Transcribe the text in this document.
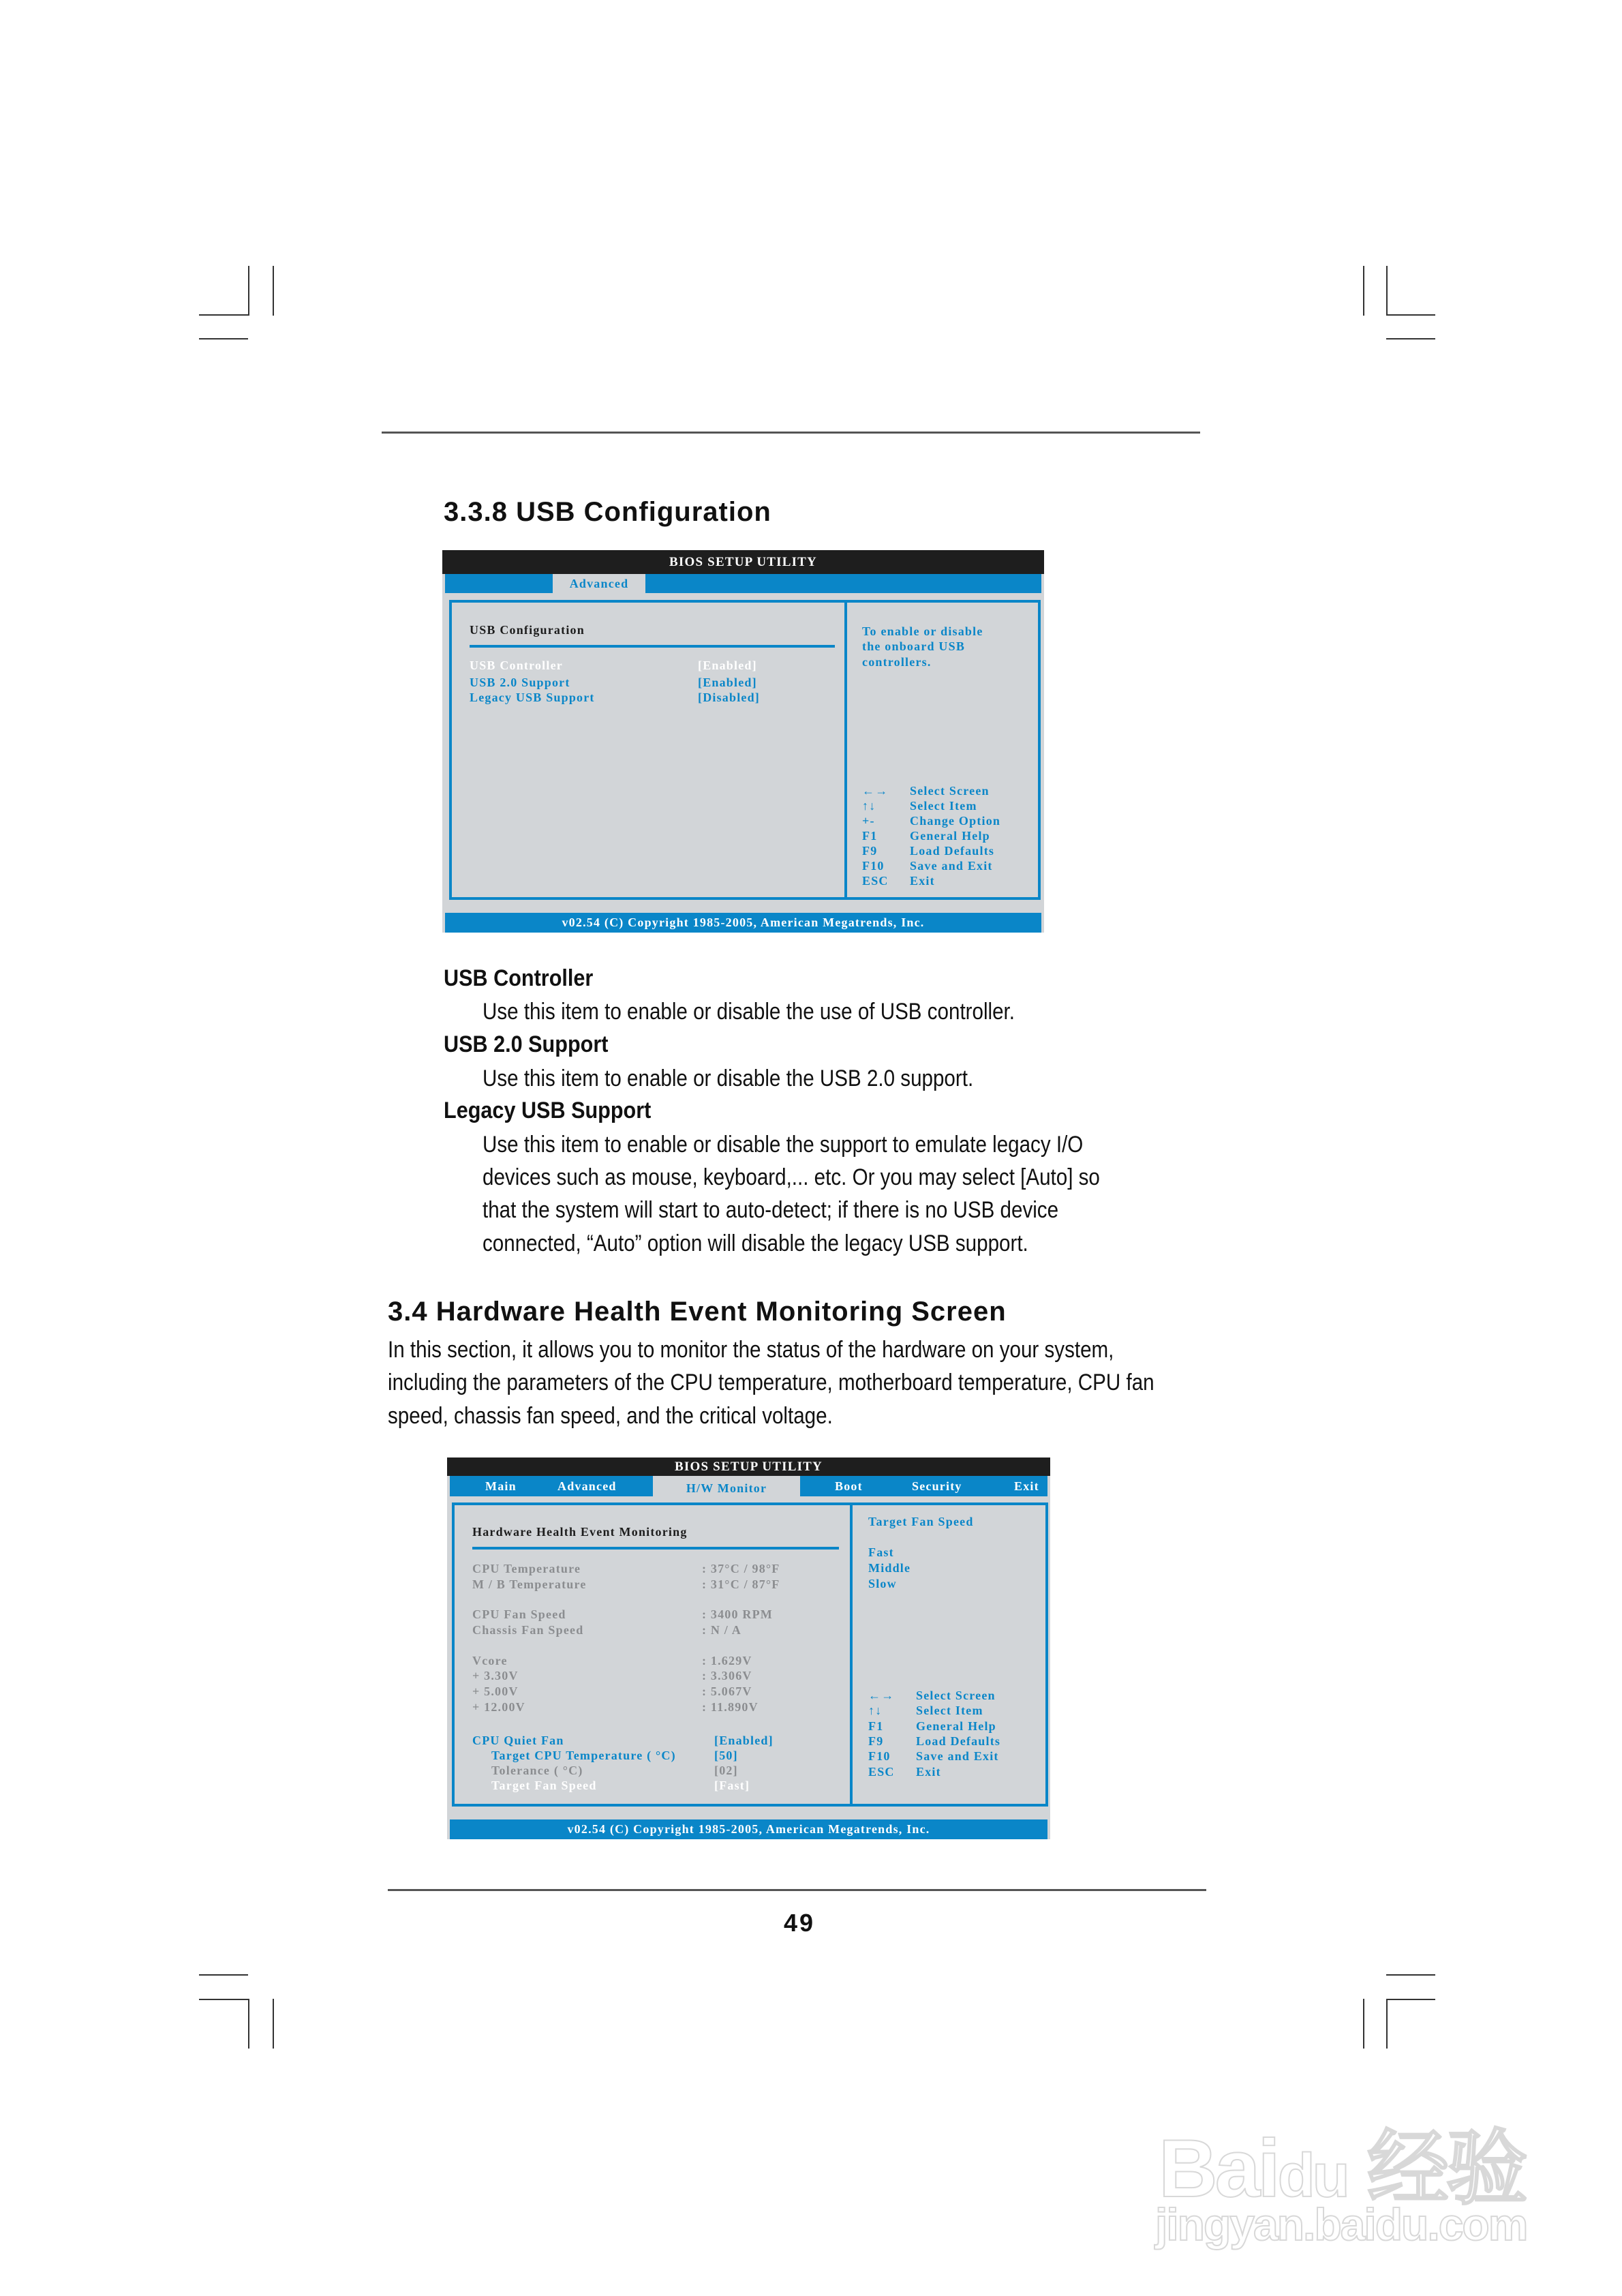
3.3.8 USB Configuration
BIOS SETUP UTILITY
Advanced
USB Configuration
USB Controller	[Enabled]
USB 2.0 Support	[Enabled]
Legacy USB Support	[Disabled]
To enable or disable
the onboard USB
controllers.
←→ Select Screen
↑↓	Select Item
+-	Change Option
F1	General Help
F9	Load Defaults
F10 Save and Exit
ESC Exit
v02.54 (C) Copyright 1985-2005, American Megatrends, Inc.
USB Controller
Use this item to enable or disable the use of USB controller.
USB 2.0 Support
Use this item to enable or disable the USB 2.0 support.
Legacy USB Support
Use this item to enable or disable the support to emulate legacy I/O
devices such as mouse, keyboard,... etc. Or you may select [Auto] so
that the system will start to auto-detect; if there is no USB device
connected, “Auto” option will disable the legacy USB support.
3.4 Hardware Health Event Monitoring Screen
In this section, it allows you to monitor the status of the hardware on your system,
including the parameters of the CPU temperature, motherboard temperature, CPU fan
speed, chassis fan speed, and the critical voltage.
BIOS SETUP UTILITY
Main	Advanced	H/W Monitor	Boot	Security	Exit
Hardware Health Event Monitoring
CPU Temperature	: 37°C / 98°F
M / B Temperature	: 31°C / 87°F
CPU Fan Speed	: 3400 RPM
Chassis Fan Speed	: N / A
Vcore	: 1.629V
+ 3.30V	: 3.306V
+ 5.00V	: 5.067V
+ 12.00V	: 11.890V
CPU Quiet Fan	[Enabled]
Target CPU Temperature ( °C)	[50]
Tolerance ( °C)	[02]
Target Fan Speed	[Fast]
Target Fan Speed
Fast
Middle
Slow
←→ Select Screen
↑↓	Select Item
F1	General Help
F9	Load Defaults
F10 Save and Exit
ESC Exit
v02.54 (C) Copyright 1985-2005, American Megatrends, Inc.
49
Baidu 经验
jingyan.baidu.com
